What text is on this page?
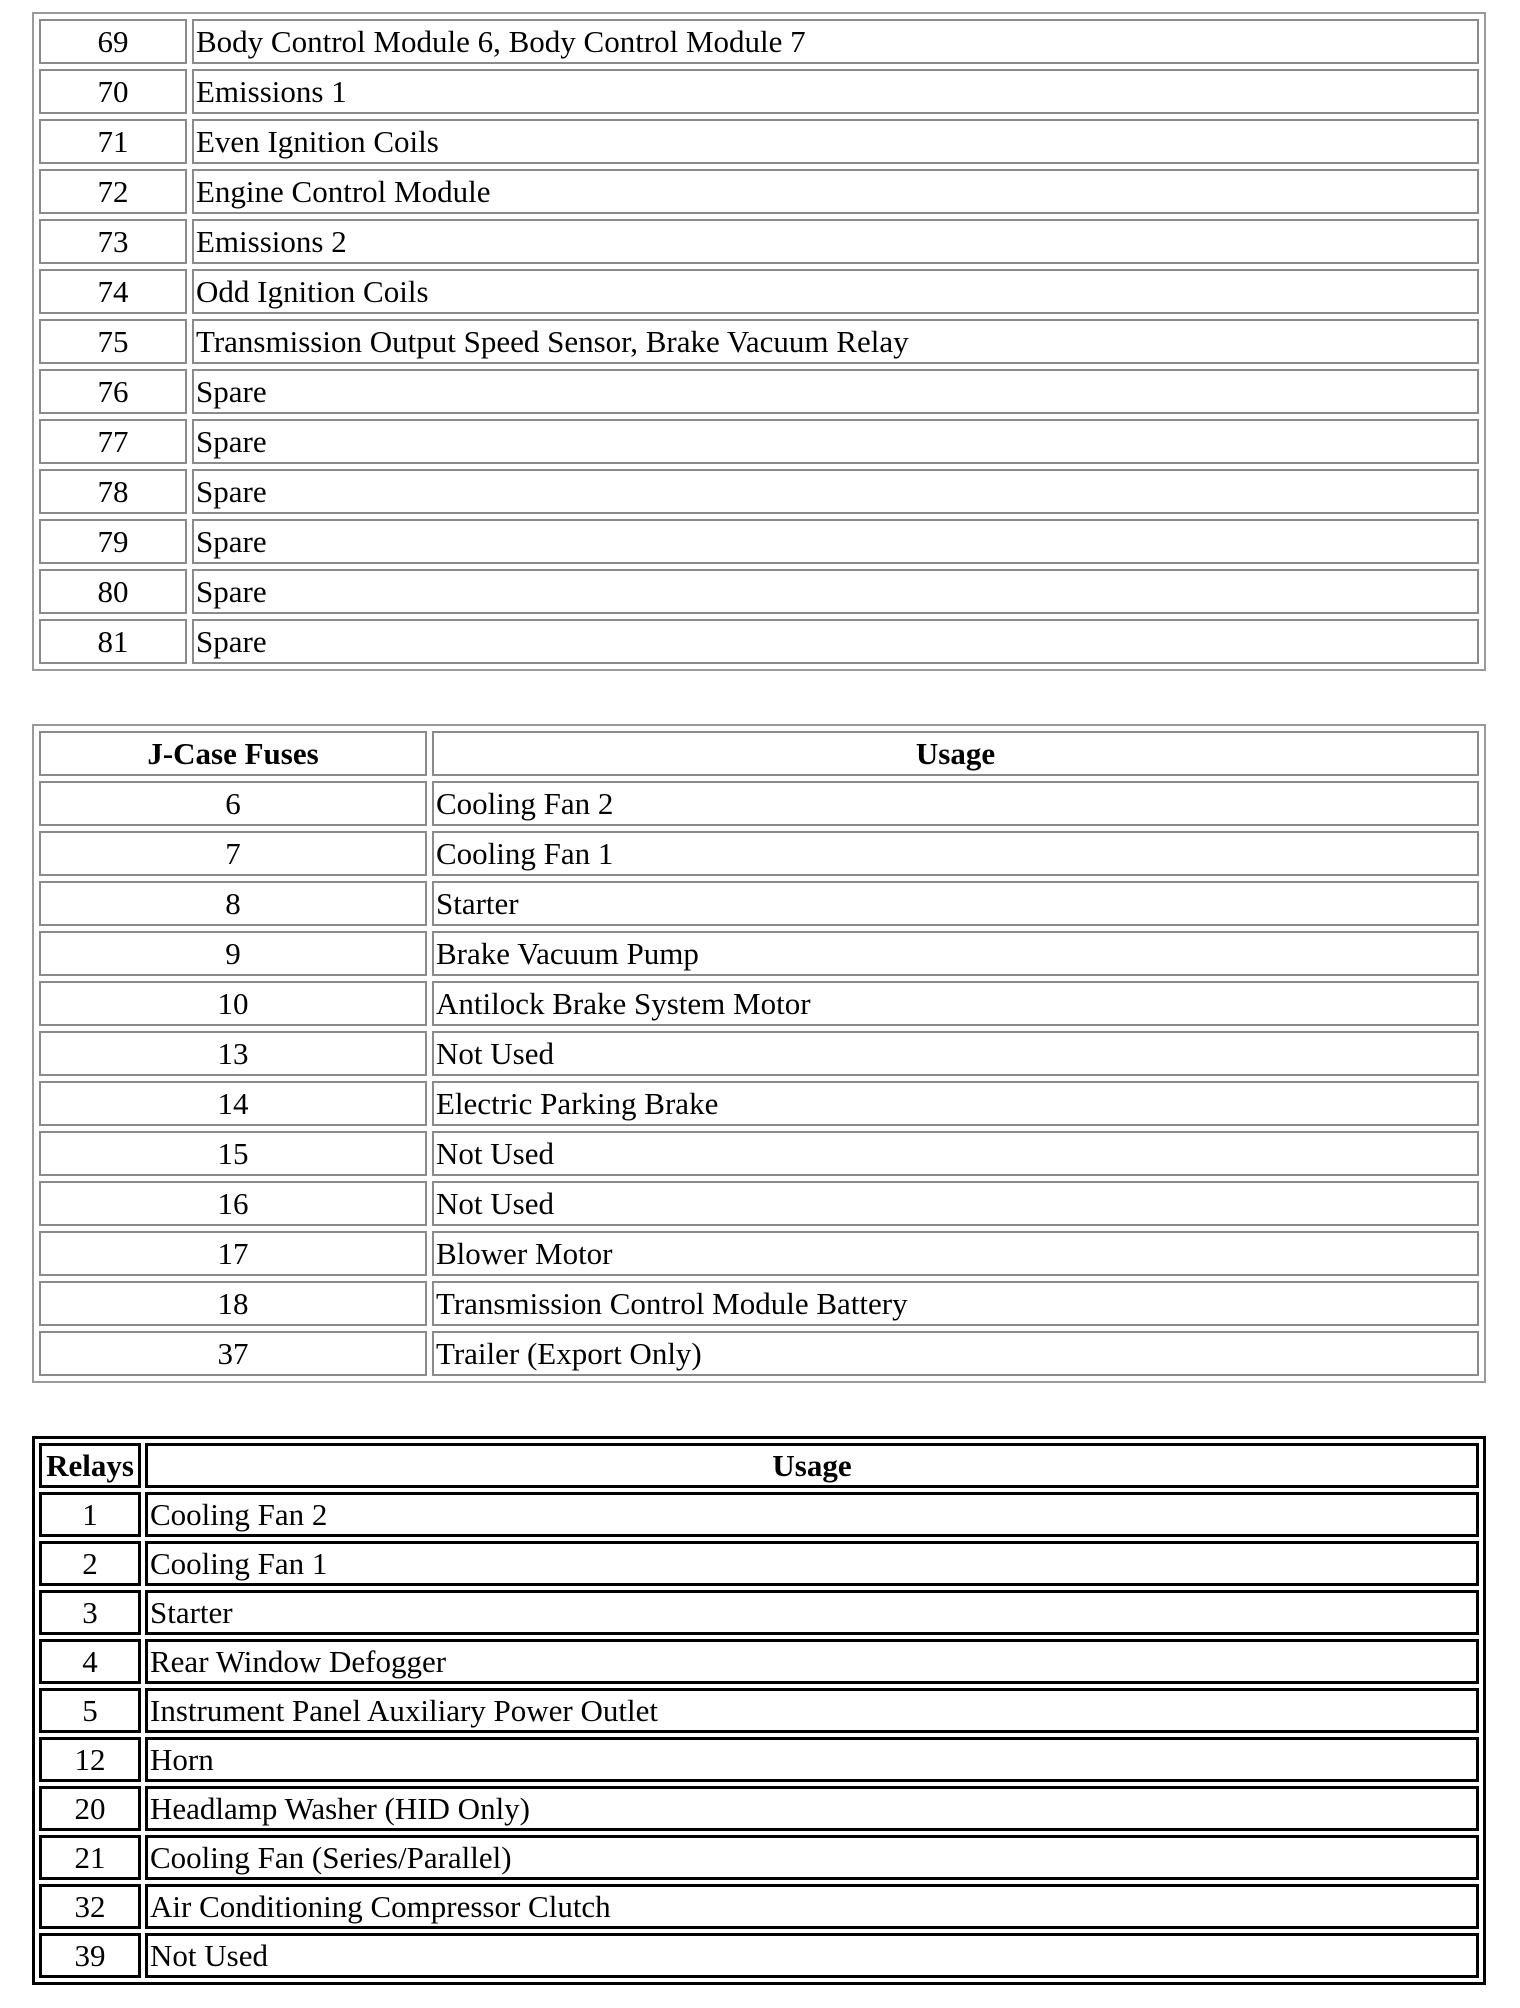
69	Body Control Module 6, Body Control Module 7
70	Emissions 1
71	Even Ignition Coils
72	Engine Control Module
73	Emissions 2
74	Odd Ignition Coils
75	Transmission Output Speed Sensor, Brake Vacuum Relay
76	Spare
77	Spare
78	Spare
79	Spare
80	Spare
81	Spare
J-Case Fuses	Usage
6	Cooling Fan 2
7	Cooling Fan 1
8	Starter
9	Brake Vacuum Pump
10	Antilock Brake System Motor
13	Not Used
14	Electric Parking Brake
15	Not Used
16	Not Used
17	Blower Motor
18	Transmission Control Module Battery
37	Trailer (Export Only)
Relays	Usage
1	Cooling Fan 2
2	Cooling Fan 1
3	Starter
4	Rear Window Defogger
5	Instrument Panel Auxiliary Power Outlet
12	Horn
20	Headlamp Washer (HID Only)
21	Cooling Fan (Series/Parallel)
32	Air Conditioning Compressor Clutch
39	Not Used
